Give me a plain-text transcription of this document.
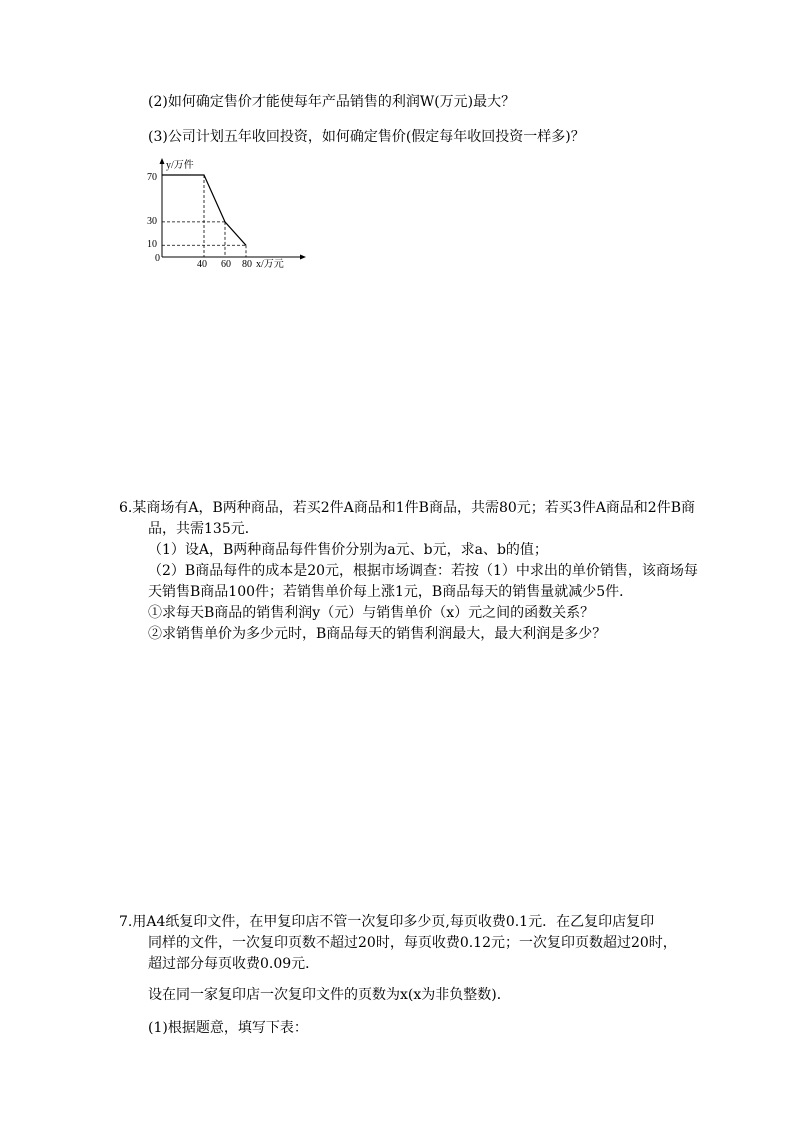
(2)如何确定售价才能使每年产品销售的利润W(万元)最大？
(3)公司计划五年收回投资，如何确定售价(假定每年收回投资一样多)？
y/万件
x/万元
0
70
30
10
40 60 80
6.某商场有A，B两种商品，若买2件A商品和1件B商品，共需80元；若买3件A商品和2件B商
品，共需135元．
（1）设A，B两种商品每件售价分别为a元、b元，求a、b的值；
（2）B商品每件的成本是20元，根据市场调查：若按（1）中求出的单价销售，该商场每
天销售B商品100件；若销售单价每上涨1元，B商品每天的销售量就减少5件．
①求每天B商品的销售利润y（元）与销售单价（x）元之间的函数关系？
②求销售单价为多少元时，B商品每天的销售利润最大，最大利润是多少？
7.用A4纸复印文件，在甲复印店不管一次复印多少页,每页收费0.1元．在乙复印店复印
同样的文件，一次复印页数不超过20时，每页收费0.12元；一次复印页数超过20时，
超过部分每页收费0.09元．
设在同一家复印店一次复印文件的页数为x(x为非负整数)．
(1)根据题意，填写下表：
